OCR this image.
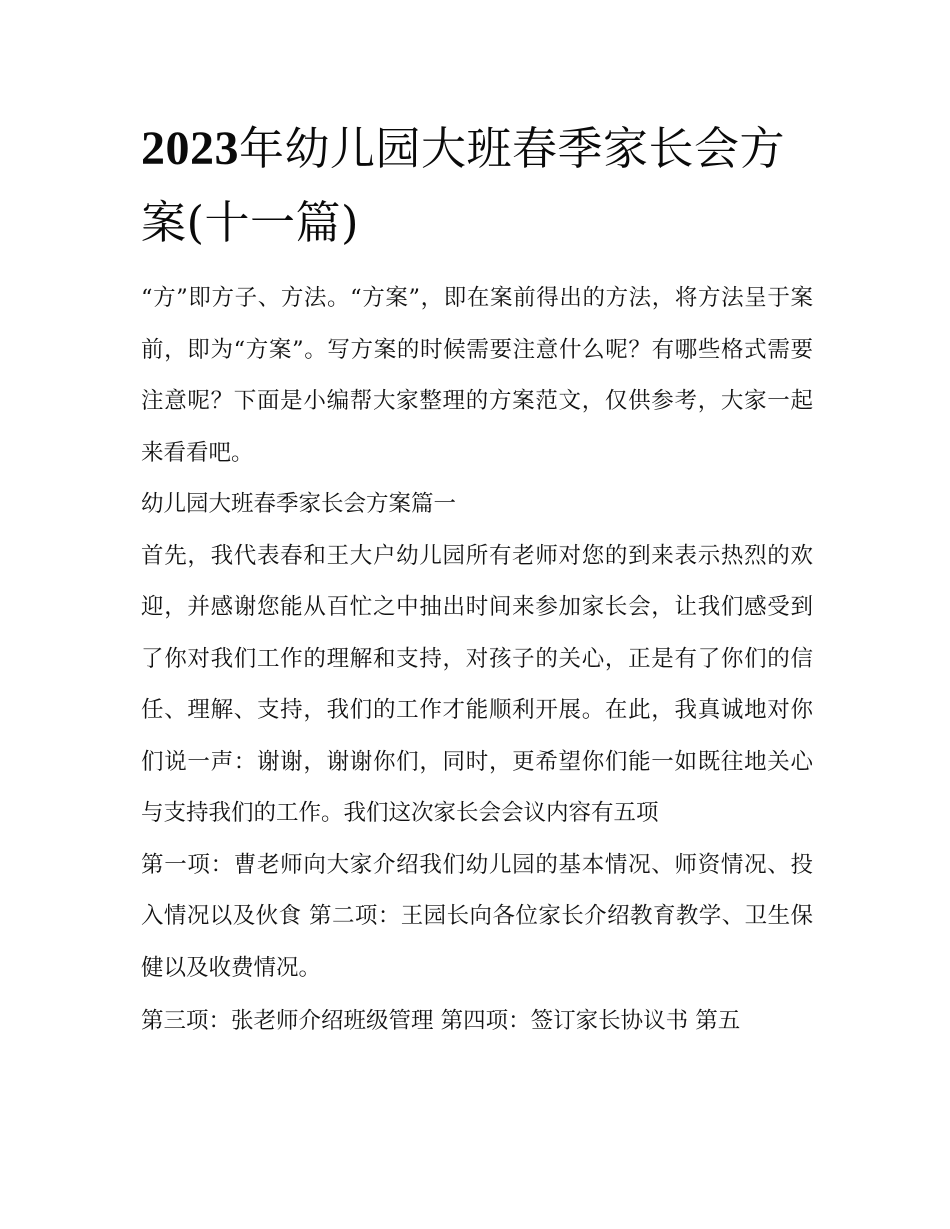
2023年幼儿园大班春季家长会方案(十一篇)

“方”即方子、方法。“方案”，即在案前得出的方法，将方法呈于案前，即为“方案”。写方案的时候需要注意什么呢？有哪些格式需要注意呢？下面是小编帮大家整理的方案范文，仅供参考，大家一起来看看吧。

幼儿园大班春季家长会方案篇一

首先，我代表春和王大户幼儿园所有老师对您的到来表示热烈的欢迎，并感谢您能从百忙之中抽出时间来参加家长会，让我们感受到了你对我们工作的理解和支持，对孩子的关心，正是有了你们的信任、理解、支持，我们的工作才能顺利开展。在此，我真诚地对你们说一声：谢谢，谢谢你们，同时，更希望你们能一如既往地关心与支持我们的工作。我们这次家长会会议内容有五项

第一项：曹老师向大家介绍我们幼儿园的基本情况、师资情况、投入情况以及伙食 第二项：王园长向各位家长介绍教育教学、卫生保健以及收费情况。

第三项：张老师介绍班级管理 第四项：签订家长协议书 第五
